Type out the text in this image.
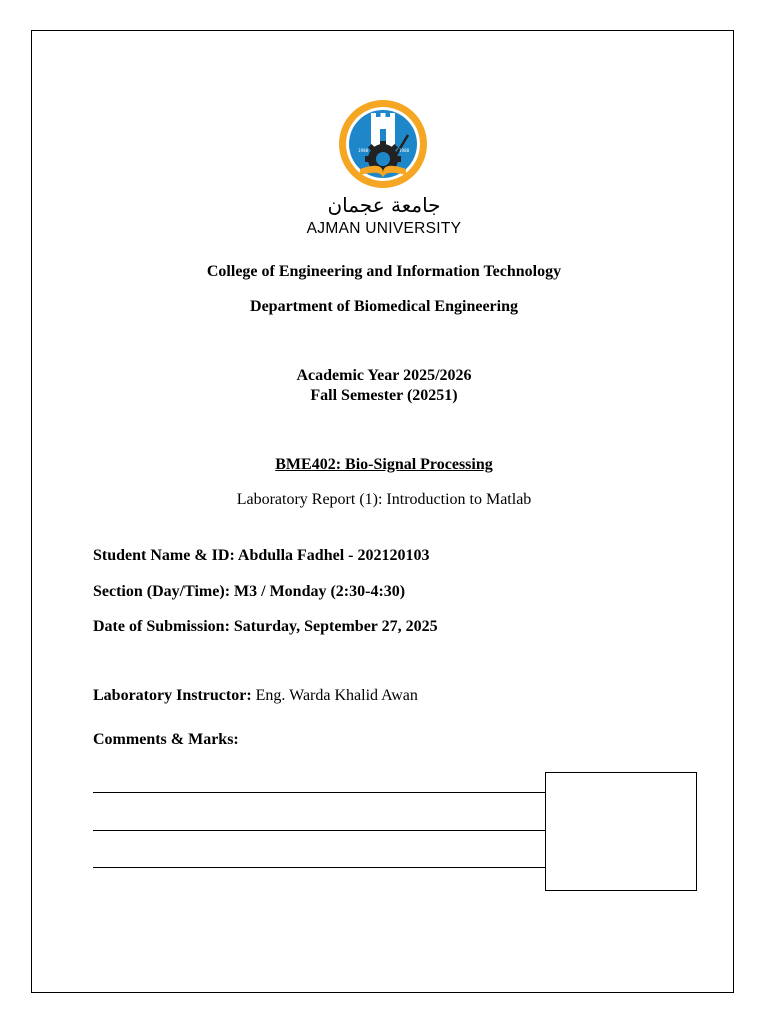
1988	1988
جامعة عجمان
AJMAN UNIVERSITY
College of Engineering and Information Technology
Department of Biomedical Engineering
Academic Year 2025/2026
Fall Semester (20251)
BME402: Bio-Signal Processing
Laboratory Report (1): Introduction to Matlab
Student Name & ID: Abdulla Fadhel - 202120103
Section (Day/Time): M3 / Monday (2:30-4:30)
Date of Submission: Saturday, September 27, 2025
Laboratory Instructor: Eng. Warda Khalid Awan
Comments & Marks:
